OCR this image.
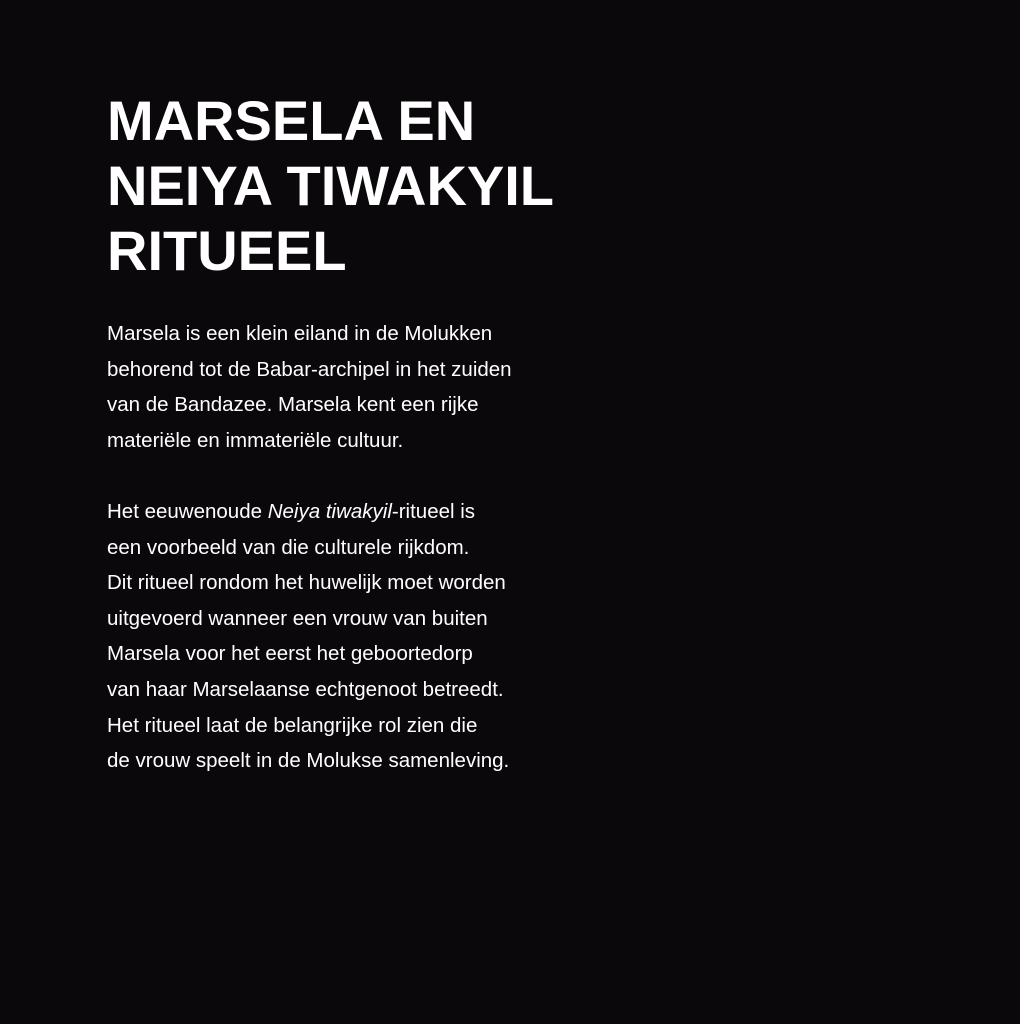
MARSELA EN
NEIYA TIWAKYIL
RITUEEL

Marsela is een klein eiland in de Molukken
behorend tot de Babar-archipel in het zuiden
van de Bandazee. Marsela kent een rijke
materiële en immateriële cultuur.

Het eeuwenoude Neiya tiwakyil-ritueel is
een voorbeeld van die culturele rijkdom.
Dit ritueel rondom het huwelijk moet worden
uitgevoerd wanneer een vrouw van buiten
Marsela voor het eerst het geboortedorp
van haar Marselaanse echtgenoot betreedt.
Het ritueel laat de belangrijke rol zien die
de vrouw speelt in de Molukse samenleving.
